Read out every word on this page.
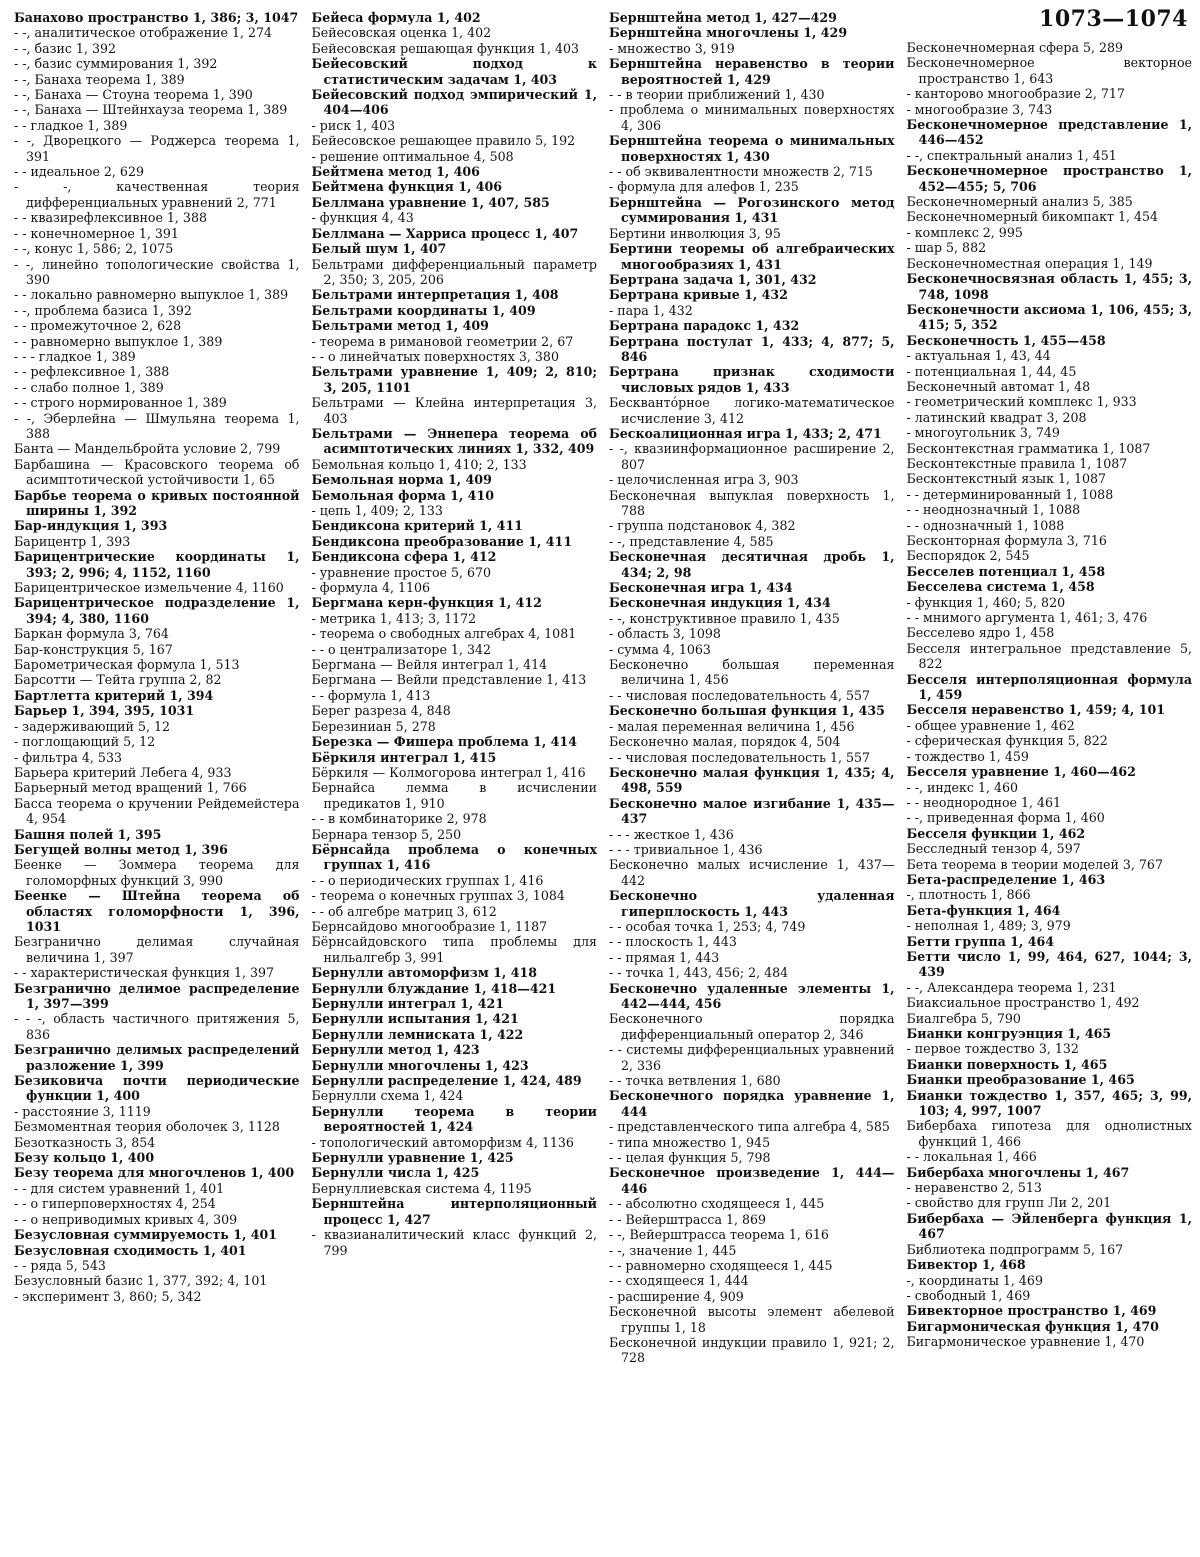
1073—1074

Банахово пространство 1, 386; 3, 1047

- -, аналитическое отображение 1, 274

- -, базис 1, 392

- -, базис суммирования 1, 392

- -, Банаха теорема 1, 389

- -, Банаха — Стоуна теорема 1, 390

- -, Банаха — Штейнхауза теорема 1, 389

- - гладкое 1, 389

- -, Дворецкого — Роджерса теорема 1, 391

- - идеальное 2, 629

- -, качественная теория дифференциальных уравнений 2, 771

- - квазирефлексивное 1, 388

- - конечномерное 1, 391

- -, конус 1, 586; 2, 1075

- -, линейно топологические свойства 1, 390

- - локально равномерно выпуклое 1, 389

- -, проблема базиса 1, 392

- - промежуточное 2, 628

- - равномерно выпуклое 1, 389

- - - гладкое 1, 389

- - рефлексивное 1, 388

- - слабо полное 1, 389

- - строго нормированное 1, 389

- -, Эберлейна — Шмульяна теорема 1, 388

Банта — Мандельбройта условие 2, 799

Барбашина — Красовского теорема об асимптотической устойчивости 1, 65

Барбье теорема о кривых постоянной ширины 1, 392

Бар-индукция 1, 393

Барицентр 1, 393

Барицентрические координаты 1, 393; 2, 996; 4, 1152, 1160

Барицентрическое измельчение 4, 1160

Барицентрическое подразделение 1, 394; 4, 380, 1160

Баркан формула 3, 764

Бар-конструкция 5, 167

Барометрическая формула 1, 513

Барсотти — Тейта группа 2, 82

Бартлетта критерий 1, 394

Барьер 1, 394, 395, 1031

- задерживающий 5, 12

- поглощающий 5, 12

- фильтра 4, 533

Барьера критерий Лебега 4, 933

Барьерный метод вращений 1, 766

Басса теорема о кручении Рейдемейстера 4, 954

Башня полей 1, 395

Бегущей волны метод 1, 396

Беенке — Зоммера теорема для голоморфных функций 3, 990

Беенке — Штейна теорема об областях голоморфности 1, 396, 1031

Безгранично делимая случайная величина 1, 397

- - характеристическая функция 1, 397

Безгранично делимое распределение 1, 397—399

- - -, область частичного притяжения 5, 836

Безгранично делимых распределений разложение 1, 399

Безиковича почти периодические функции 1, 400

- расстояние 3, 1119

Безмоментная теория оболочек 3, 1128

Безотказность 3, 854

Безу кольцо 1, 400

Безу теорема для многочленов 1, 400

- - для систем уравнений 1, 401

- - о гиперповерхностях 4, 254

- - о неприводимых кривых 4, 309

Безусловная суммируемость 1, 401

Безусловная сходимость 1, 401

- - ряда 5, 543

Безусловный базис 1, 377, 392; 4, 101

- эксперимент 3, 860; 5, 342

Бейеса формула 1, 402

Бейесовская оценка 1, 402

Бейесовская решающая функция 1, 403

Бейесовский подход к статистическим задачам 1, 403

Бейесовский подход эмпирический 1, 404—406

- риск 1, 403

Бейесовское решающее правило 5, 192

- решение оптимальное 4, 508

Бейтмена метод 1, 406

Бейтмена функция 1, 406

Беллмана уравнение 1, 407, 585

- функция 4, 43

Беллмана — Харриса процесс 1, 407

Белый шум 1, 407

Бельтрами дифференциальный параметр 2, 350; 3, 205, 206

Бельтрами интерпретация 1, 408

Бельтрами координаты 1, 409

Бельтрами метод 1, 409

- теорема в римановой геометрии 2, 67

- - о линейчатых поверхностях 3, 380

Бельтрами уравнение 1, 409; 2, 810; 3, 205, 1101

Бельтрами — Клейна интерпретация 3, 403

Бельтрами — Эннепера теорема об асимптотических линиях 1, 332, 409

Бемольная кольцо 1, 410; 2, 133

Бемольная норма 1, 409

Бемольная форма 1, 410

- цепь 1, 409; 2, 133

Бендиксона критерий 1, 411

Бендиксона преобразование 1, 411

Бендиксона сфера 1, 412

- уравнение простое 5, 670

- формула 4, 1106

Бергмана керн-функция 1, 412

- метрика 1, 413; 3, 1172

- теорема о свободных алгебрах 4, 1081

- - о централизаторе 1, 342

Бергмана — Вейля интеграл 1, 414

Бергмана — Вейли представление 1, 413

- - формула 1, 413

Берег разреза 4, 848

Березиниан 5, 278

Березка — Фишера проблема 1, 414

Бёркиля интеграл 1, 415

Бёркиля — Колмогорова интеграл 1, 416

Бернайса лемма в исчислении предикатов 1, 910

- - в комбинаторике 2, 978

Бернара тензор 5, 250

Бёрнсайда проблема о конечных группах 1, 416

- - о периодических группах 1, 416

- теорема о конечных группах 3, 1084

- - об алгебре матриц 3, 612

Бернсайдово многообразие 1, 1187

Бёрнсайдовского типа проблемы для нильалгебр 3, 991

Бернулли автоморфизм 1, 418

Бернулли блуждание 1, 418—421

Бернулли интеграл 1, 421

Бернулли испытания 1, 421

Бернулли лемниската 1, 422

Бернулли метод 1, 423

Бернулли многочлены 1, 423

Бернулли распределение 1, 424, 489

Бернулли схема 1, 424

Бернулли теорема в теории вероятностей 1, 424

- топологический автоморфизм 4, 1136

Бернулли уравнение 1, 425

Бернулли числа 1, 425

Бернуллиевская система 4, 1195

Бернштейна интерполяционный процесс 1, 427

- квазианалитический класс функций 2, 799

Бернштейна метод 1, 427—429

Бернштейна многочлены 1, 429

- множество 3, 919

Бернштейна неравенство в теории вероятностей 1, 429

- - в теории приближений 1, 430

- проблема о минимальных поверхностях 4, 306

Бернштейна теорема о минимальных поверхностях 1, 430

- - об эквивалентности множеств 2, 715

- формула для алефов 1, 235

Бернштейна — Рогозинского метод суммирования 1, 431

Бертини инволюция 3, 95

Бертини теоремы об алгебраических многообразиях 1, 431

Бертрана задача 1, 301, 432

Бертрана кривые 1, 432

- пара 1, 432

Бертрана парадокс 1, 432

Бертрана постулат 1, 433; 4, 877; 5, 846

Бертрана признак сходимости числовых рядов 1, 433

Бесквантóрное логико-математическое исчисление 3, 412

Бескоалиционная игра 1, 433; 2, 471

- -, квазиинформационное расширение 2, 807

- целочисленная игра 3, 903

Бесконечная выпуклая поверхность 1, 788

- группа подстановок 4, 382

- -, представление 4, 585

Бесконечная десятичная дробь 1, 434; 2, 98

Бесконечная игра 1, 434

Бесконечная индукция 1, 434

- -, конструктивное правило 1, 435

- область 3, 1098

- сумма 4, 1063

Бесконечно большая переменная величина 1, 456

- - числовая последовательность 4, 557

Бесконечно большая функция 1, 435

- малая переменная величина 1, 456

Бесконечно малая, порядок 4, 504

- - числовая последовательность 1, 557

Бесконечно малая функция 1, 435; 4, 498, 559

Бесконечно малое изгибание 1, 435—437

- - - жесткое 1, 436

- - - тривиальное 1, 436

Бесконечно малых исчисление 1, 437—442

Бесконечно удаленная гиперплоскость 1, 443

- - особая точка 1, 253; 4, 749

- - плоскость 1, 443

- - прямая 1, 443

- - точка 1, 443, 456; 2, 484

Бесконечно удаленные элементы 1, 442—444, 456

Бесконечного порядка дифференциальный оператор 2, 346

- - системы дифференциальных уравнений 2, 336

- - точка ветвления 1, 680

Бесконечного порядка уравнение 1, 444

- представленческого типа алгебра 4, 585

- типа множество 1, 945

- - целая функция 5, 798

Бесконечное произведение 1, 444—446

- - абсолютно сходящееся 1, 445

- - Вейерштрасса 1, 869

- -, Вейерштрасса теорема 1, 616

- -, значение 1, 445

- - равномерно сходящееся 1, 445

- - сходящееся 1, 444

- расширение 4, 909

Бесконечной высоты элемент абелевой группы 1, 18

Бесконечной индукции правило 1, 921; 2, 728

Бесконечномерная сфера 5, 289

Бесконечномерное векторное пространство 1, 643

- канторово многообразие 2, 717

- многообразие 3, 743

Бесконечномерное представление 1, 446—452

- -, спектральный анализ 1, 451

Бесконечномерное пространство 1, 452—455; 5, 706

Бесконечномерный анализ 5, 385

Бесконечномерный бикомпакт 1, 454

- комплекс 2, 995

- шар 5, 882

Бесконечноместная операция 1, 149

Бесконечносвязная область 1, 455; 3, 748, 1098

Бесконечности аксиома 1, 106, 455; 3, 415; 5, 352

Бесконечность 1, 455—458

- актуальная 1, 43, 44

- потенциальная 1, 44, 45

Бесконечный автомат 1, 48

- геометрический комплекс 1, 933

- латинский квадрат 3, 208

- многоугольник 3, 749

Бесконтекстная грамматика 1, 1087

Бесконтекстные правила 1, 1087

Бесконтекстный язык 1, 1087

- - детерминированный 1, 1088

- - неоднозначный 1, 1088

- - однозначный 1, 1088

Бесконторная формула 3, 716

Беспорядок 2, 545

Бесселев потенциал 1, 458

Бесселева система 1, 458

- функция 1, 460; 5, 820

- - мнимого аргумента 1, 461; 3, 476

Бесселево ядро 1, 458

Бесселя интегральное представление 5, 822

Бесселя интерполяционная формула 1, 459

Бесселя неравенство 1, 459; 4, 101

- общее уравнение 1, 462

- сферическая функция 5, 822

- тождество 1, 459

Бесселя уравнение 1, 460—462

- -, индекс 1, 460

- - неоднородное 1, 461

- -, приведенная форма 1, 460

Бесселя функции 1, 462

Бесследный тензор 4, 597

Бета теорема в теории моделей 3, 767

Бета-распределение 1, 463

-, плотность 1, 866

Бета-функция 1, 464

- неполная 1, 489; 3, 979

Бетти группа 1, 464

Бетти число 1, 99, 464, 627, 1044; 3, 439

- -, Александера теорема 1, 231

Биаксиальное пространство 1, 492

Биалгебра 5, 790

Бианки конгруэнция 1, 465

- первое тождество 3, 132

Бианки поверхность 1, 465

Бианки преобразование 1, 465

Бианки тождество 1, 357, 465; 3, 99, 103; 4, 997, 1007

Бибербаха гипотеза для однолистных функций 1, 466

- - локальная 1, 466

Бибербаха многочлены 1, 467

- неравенство 2, 513

- свойство для групп Ли 2, 201

Бибербаха — Эйленберга функция 1, 467

Библиотека подпрограмм 5, 167

Бивектор 1, 468

-, координаты 1, 469

- свободный 1, 469

Бивекторное пространство 1, 469

Бигармоническая функция 1, 470

Бигармоническое уравнение 1, 470
